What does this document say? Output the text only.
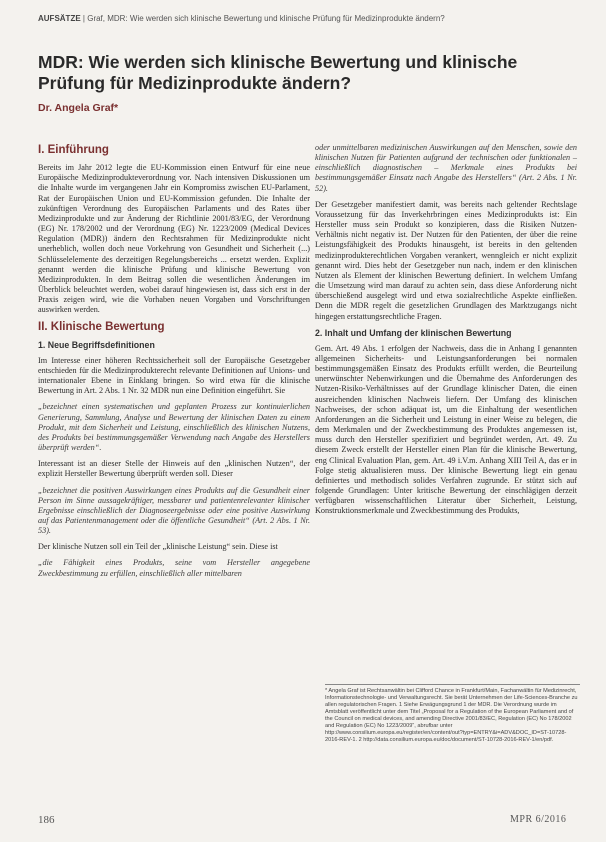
AUFSÄTZE | Graf, MDR: Wie werden sich klinische Bewertung und klinische Prüfung für Medizinprodukte ändern?
MDR: Wie werden sich klinische Bewertung und klinische Prüfung für Medizinprodukte ändern?
Dr. Angela Graf*
I. Einführung

Bereits im Jahr 2012 legte die EU-Kommission einen Entwurf für eine neue Europäische Medizinprodukteverordnung vor. Nach intensiven Diskussionen um die Inhalte wurde im vergangenen Jahr ein Kompromiss zwischen EU-Parlament, Rat der Europäischen Union und EU-Kommission gefunden. Die Inhalte der zukünftigen Verordnung des Europäischen Parlaments und des Rates über Medizinprodukte und zur Änderung der Richtlinie 2001/83/EG, der Verordnung (EG) Nr. 178/2002 und der Verordnung (EG) Nr. 1223/2009 (Medical Devices Regulation (MDR)) ändern den Rechtsrahmen für Medizinprodukte nicht unerheblich, wollen doch neue Vorkehrung von Gesundheit und Sicherheit (...) Schlüsselelemente des derzeitigen Regelungsbereichs ... ersetzt werden. Explizit genannt werden die klinische Prüfung und klinische Bewertung von Medizinprodukten. In dem Beitrag sollen die wesentlichen Änderungen im Überblick beleuchtet werden, wobei darauf hingewiesen ist, dass sich erst in der Praxis zeigen wird, wie die Vorhaben neuen Vorgaben und Vorschriftungen auswirken werden.

II. Klinische Bewertung
1. Neue Begriffsdefinitionen

Im Interesse einer höheren Rechtssicherheit soll der Europäische Gesetzgeber entschieden für die Medizinprodukterecht relevante Definitionen auf Unions- und internationaler Ebene in Einklang bringen. So wird etwa für die klinische Bewertung in Art. 2 Abs. 1 Nr. 32 MDR nun eine Definition eingeführt. Sie

„bezeichnet einen systematischen und geplanten Prozess zur kontinuierlichen Generierung, Sammlung, Analyse und Bewertung der klinischen Daten zu einem Produkt, mit dem Sicherheit und Leistung, einschließlich des klinischen Nutzens, des Produkts bei bestimmungsgemäßer Verwendung nach Angabe des Herstellers überprüft werden“.

Interessant ist an dieser Stelle der Hinweis auf den „klinischen Nutzen“, der explizit Hersteller Bewertung überprüft werden soll. Dieser

„bezeichnet die positiven Auswirkungen eines Produkts auf die Gesundheit einer Person im Sinne aussagekräftiger, messbarer und patientenrelevanter klinischer Ergebnisse einschließlich der Diagnoseergebnisse oder eine positive Auswirkung auf das Patientenmanagement oder die öffentliche Gesundheit“ (Art. 2 Abs. 1 Nr. 53).

Der klinische Nutzen soll ein Teil der „klinische Leistung“ sein. Diese ist

„die Fähigkeit eines Produkts, seine vom Hersteller angegebene Zweckbestimmung zu erfüllen, einschließlich aller mittelbaren

oder unmittelbaren medizinischen Auswirkungen auf den Menschen, sowie den klinischen Nutzen für Patienten aufgrund der technischen oder funktionalen – einschließlich diagnostischen – Merkmale eines Produkts bei bestimmungsgemäßer Einsatz nach Angabe des Herstellers“ (Art. 2 Abs. 1 Nr. 52).

Der Gesetzgeber manifestiert damit, was bereits nach geltender Rechtslage Voraussetzung für das Inverkehrbringen eines Medizinprodukts ist: Ein Hersteller muss sein Produkt so konzipieren, dass die Risiken Nutzen-Verhältnis nicht negativ ist. Der Nutzen für den Patienten, der über die reine Leistungsfähigkeit des Produkts hinausgeht, ist bereits in den geltenden medizinprodukterechtlichen Vorgaben verankert, wenngleich er nicht explizit genannt wird. Dies hebt der Gesetzgeber nun nach, indem er den klinischen Nutzen als Element der klinischen Bewertung definiert. In welchem Umfang die Umsetzung wird man darauf zu achten sein, dass diese Anforderung nicht überschießend ausgelegt wird und etwa sozialrechtliche Aspekte einfließen. Denn die MDR regelt die gesetzlichen Grundlagen des Marktzugangs nicht hingegen erstattungsrechtliche Fragen.

2. Inhalt und Umfang der klinischen Bewertung

Gem. Art. 49 Abs. 1 erfolgen der Nachweis, dass die in Anhang I genannten allgemeinen Sicherheits- und Leistungsanforderungen bei normalen bestimmungsgemäßen Einsatz des Produkts erfüllt werden, die Beurteilung unerwünschter Nebenwirkungen und die Übernahme des Anforderungen des Nutzen-Risiko-Verhältnisses auf der Grundlage klinischer Daten, die einen ausreichenden klinischen Nachweis liefern. Der Umfang des klinischen Nachweises, der schon adäquat ist, um die Einhaltung der wesentlichen Anforderungen an die Sicherheit und Leistung in einer Weise zu belegen, die dem Merkmalen und der Zweckbestimmung des Produktes angemessen ist, muss durch den Hersteller spezifiziert und begründet werden, Art. 49. Zu diesem Zweck erstellt der Hersteller einen Plan für die klinische Bewertung, eng Clinical Evaluation Plan, gem. Art. 49 i.V.m. Anhang XIII Teil A, das er in Folge stetig aktualisieren muss. Der klinische Bewertung liegt ein genau definiertes und methodisch solides Verfahren zugrunde. Er stützt sich auf folgende Grundlagen: Unter kritische Bewertung der einschlägigen derzeit verfügbaren wissenschaftlichen Literatur über Sicherheit, Leistung, Konstruktionsmerkmale und Zweckbestimmung des Produkts,

* Angela Graf ist Rechtsanwältin bei Clifford Chance in Frankfurt/Main, Fachanwältin für Medizinrecht, Informationstechnologie- und Verwaltungsrecht. Sie berät Unternehmen der Life-Sciences-Branche zu allen regulatorischen Fragen. 1 Siehe Erwägungsgrund 1 der MDR. Die Verordnung wurde im Amtsblatt veröffentlicht unter dem Titel „Proposal for a Regulation of the European Parliament and of the Council on medical devices, and amending Directive 2001/83/EC, Regulation (EC) No 178/2002 and Regulation (EC) No 1223/2009“, abrufbar unter http://www.consilium.europa.eu/register/en/content/out?typ=ENTRY&i=ADV&DOC_ID=ST-10728-2016-REV-1. 2 http://data.consilium.europa.eu/doc/document/ST-10728-2016-REV-1/en/pdf.
186	MPR 6/2016
